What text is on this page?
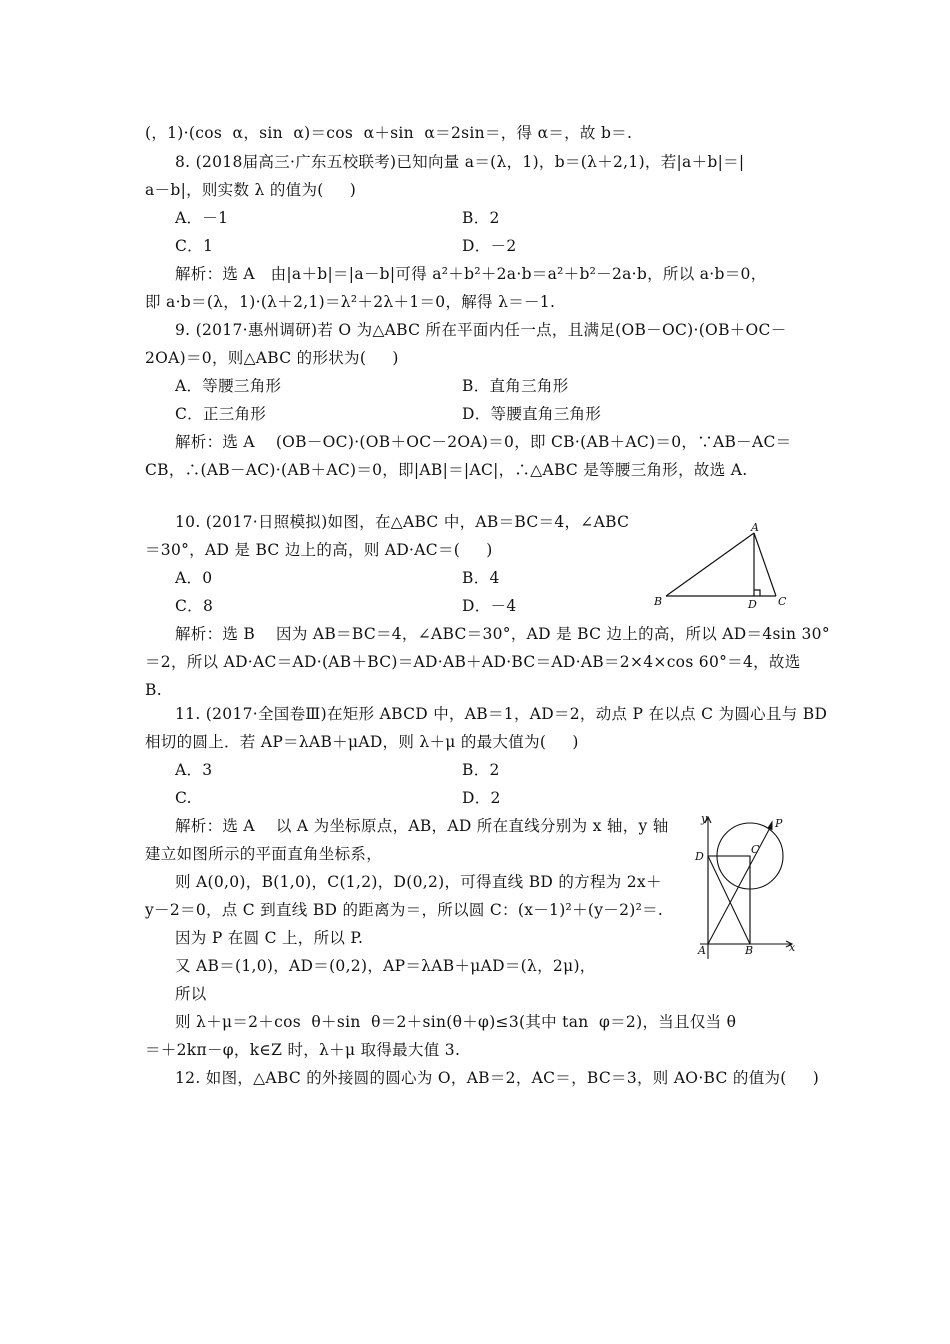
(，1)·(cos  α，sin  α)＝cos  α＋sin  α＝2sin＝，得 α＝，故 b＝.
8. (2018届高三·广东五校联考)已知向量 a＝(λ，1)，b＝(λ＋2,1)，若|a＋b|＝|
a－b|，则实数 λ 的值为(     )
A．－1	B．2
C．1	D．－2
解析：选 A   由|a＋b|＝|a－b|可得 a²＋b²＋2a·b＝a²＋b²－2a·b，所以 a·b＝0，
即 a·b＝(λ，1)·(λ＋2,1)＝λ²＋2λ＋1＝0，解得 λ＝－1.
9. (2017·惠州调研)若 O 为△ABC 所在平面内任一点，且满足(OB－OC)·(OB＋OC－
2OA)＝0，则△ABC 的形状为(     )
A．等腰三角形	B．直角三角形
C．正三角形	D．等腰直角三角形
解析：选 A    (OB－OC)·(OB＋OC－2OA)＝0，即 CB·(AB＋AC)＝0，∵AB－AC＝
CB，∴(AB－AC)·(AB＋AC)＝0，即|AB|＝|AC|，∴△ABC 是等腰三角形，故选 A.
10. (2017·日照模拟)如图，在△ABC 中，AB＝BC＝4，∠ABC
＝30°，AD 是 BC 边上的高，则 AD·AC＝(     )
A．0	B．4
C．8	D．－4
解析：选 B    因为 AB＝BC＝4，∠ABC＝30°，AD 是 BC 边上的高，所以 AD＝4sin 30°
＝2，所以 AD·AC＝AD·(AB＋BC)＝AD·AB＋AD·BC＝AD·AB＝2×4×cos 60°＝4，故选
B.
11. (2017·全国卷Ⅲ)在矩形 ABCD 中，AB＝1，AD＝2，动点 P 在以点 C 为圆心且与 BD
相切的圆上．若 AP＝λAB＋μAD，则 λ＋μ 的最大值为(     )
A．3	B．2
C.	D．2
解析：选 A    以 A 为坐标原点，AB，AD 所在直线分别为 x 轴，y 轴
建立如图所示的平面直角坐标系，
则 A(0,0)，B(1,0)，C(1,2)，D(0,2)，可得直线 BD 的方程为 2x＋
y－2＝0，点 C 到直线 BD 的距离为＝，所以圆 C：(x－1)²＋(y－2)²＝.
因为 P 在圆 C 上，所以 P.
又 AB＝(1,0)，AD＝(0,2)，AP＝λAB＋μAD＝(λ，2μ)，
所以
则 λ＋μ＝2＋cos  θ＋sin  θ＝2＋sin(θ＋φ)≤3(其中 tan  φ＝2)，当且仅当 θ
＝＋2kπ－φ，k∈Z 时，λ＋μ 取得最大值 3.
12. 如图，△ABC 的外接圆的圆心为 O，AB＝2，AC＝，BC＝3，则 AO·BC 的值为(     )
A
B	D C
y
x
P
C
D
A	B
